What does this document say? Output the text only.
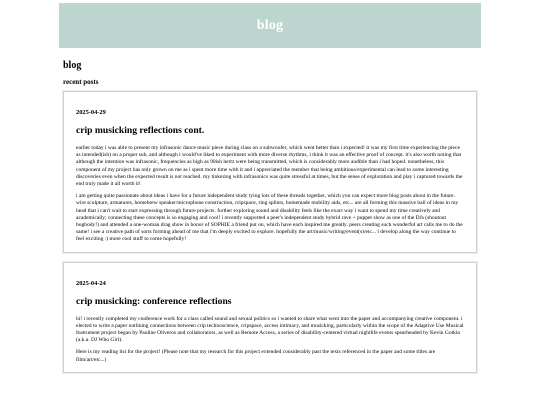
blog
blog
recent posts
2025-04-29
crip musicking reflections cont.

earlier today i was able to present my infrasonic dance music piece during class on a subwoofer, which went better than i expected! it was my first time experiencing the piece as intended(ish) on a proper sub, and although i would've liked to experiment with more diverse rhythms, i think it was an effective proof of concept. it's also worth noting that although the intention was infrasonic, frequencies as high as 90ish hertz were being transmitted, which is considerably more audible than i had hoped. nonetheless, this component of my project has only grown on me as i spent more time with it and i appreciated the member that being ambitious/experimental can lead to some interesting discoveries even when the expected result is not reached. my tinkering with infrasonics was quite stressful at times, but the sense of exploration and play i captured towards the end truly made it all worth it!

i am getting quite passionate about ideas i have for a future independent study tying lots of these threads together, which you can expect more blog posts about in the future. wire sculpture, armatures, homebrew speaker/microphone construction, cripspace, ring splints, homemade mobility aids, etc... are all forming this massive ball of ideas in my head that i can't wait to start expressing through future projects. further exploring sound and disability feels like the exact way i want to spend my time creatively and academically; connecting these concepts is so engaging and cool! i recently supported a peer's independent study hybrid rave + puppet show as one of the DJs (shoutout bogbody!) and attended a one-woman drag show in honor of SOPHIE a friend put on, which have each inspired me greatly. peers creating such wonderful art calls me to do the same! i see a creative path of sorts forming ahead of me that i'm deeply excited to explore. hopefully the art/music/writing/event(s)/etc... i develop along the way continue to feel exciting :) more cool stuff to come hopefully!

2025-04-24
crip musicking: conference reflections

hi! i recently completed my conference work for a class called sound and sexual politics so i wanted to share what went into the paper and accompanying creative component. i elected to write a paper outlining connections between crip technoscience, cripspace, access intimacy, and musicking, particularly within the scope of the Adaptive Use Musical Instrument project began by Pauline Oliveros and collaborators, as well as Remote Access, a series of disability-centered virtual nightlife events spearheaded by Kevin Gotkin (a.k.a. DJ Who Girl).

Here is my reading list for the project! (Please note that my research for this project extended considerably past the texts referenced in the paper and some titles are film/art/etc...)
